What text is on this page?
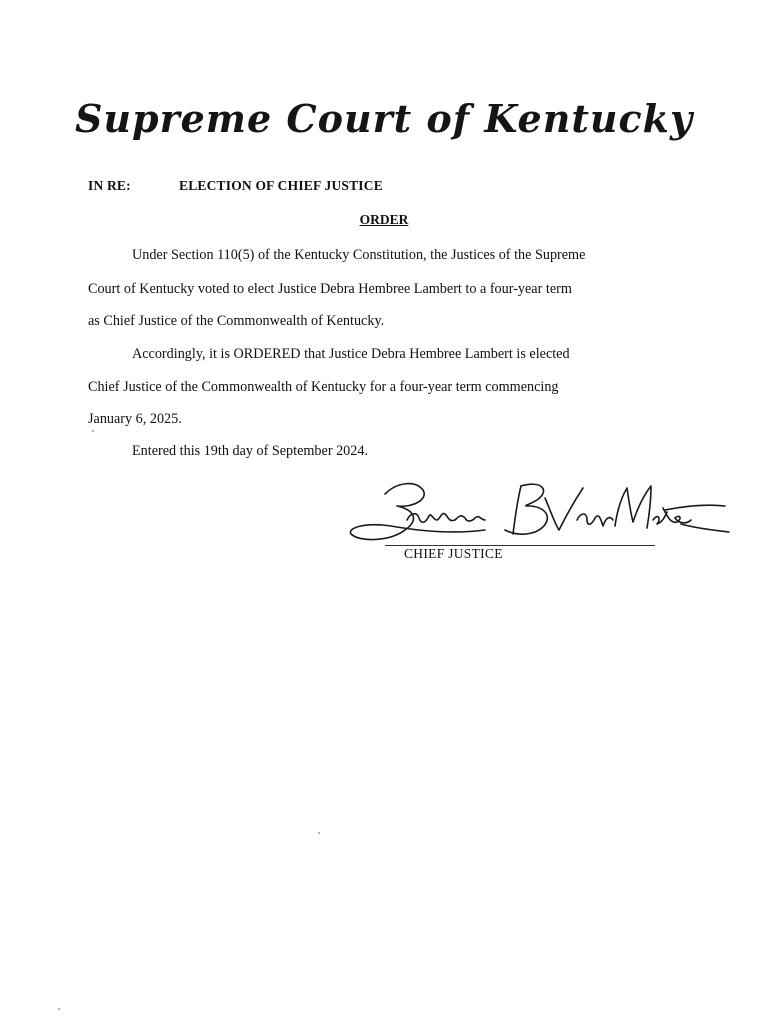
Supreme Court of Kentucky
IN RE:	ELECTION OF CHIEF JUSTICE
ORDER
Under Section 110(5) of the Kentucky Constitution, the Justices of the Supreme
Court of Kentucky voted to elect Justice Debra Hembree Lambert to a four-year term
as Chief Justice of the Commonwealth of Kentucky.
Accordingly, it is ORDERED that Justice Debra Hembree Lambert is elected
Chief Justice of the Commonwealth of Kentucky for a four-year term commencing
January 6, 2025.
Entered this 19th day of September 2024.
CHIEF JUSTICE
